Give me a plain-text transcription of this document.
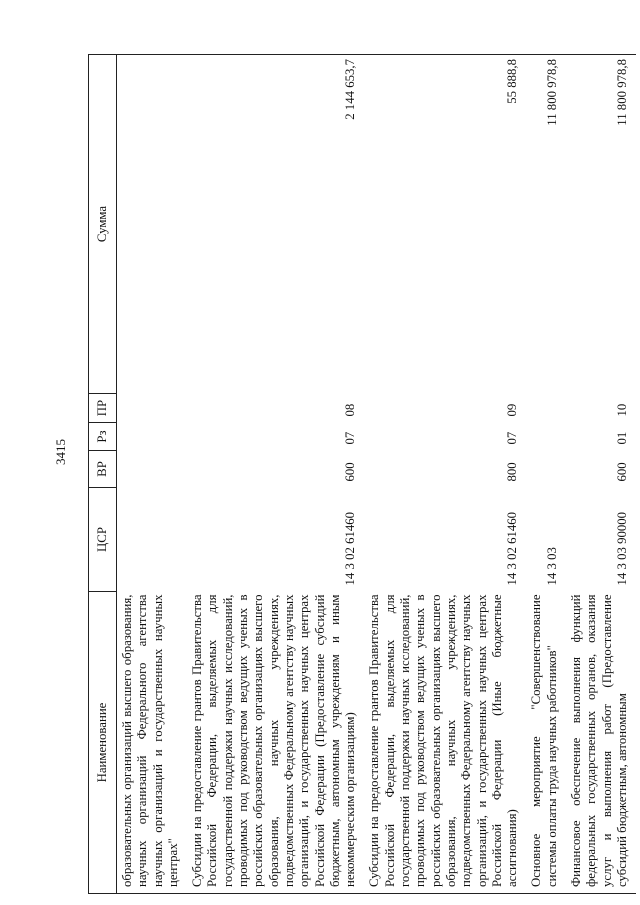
3415
Наименование	ЦСР	ВР	Рз	ПР	Сумма
образовательных организаций высшего образования, научных организаций Федерального агентства научных организаций и государственных научных центрах"					
Субсидии на предоставление грантов Правительства Российской Федерации, выделяемых для государственной поддержки научных исследований, проводимых под руководством ведущих ученых в российских образовательных организациях высшего образования, научных учреждениях, подведомственных Федеральному агентству научных организаций, и государственных научных центрах Российской Федерации (Предоставление субсидий бюджетным, автономным учреждениям и иным некоммерческим организациям)	14 3 02 61460	600	07	08	2 144 653,7
Субсидии на предоставление грантов Правительства Российской Федерации, выделяемых для государственной поддержки научных исследований, проводимых под руководством ведущих ученых в российских образовательных организациях высшего образования, научных учреждениях, подведомственных Федеральному агентству научных организаций, и государственных научных центрах Российской Федерации (Иные бюджетные ассигнования)	14 3 02 61460	800	07	09	55 888,8
Основное мероприятие "Совершенствование системы оплаты труда научных работников"	14 3 03				11 800 978,8
Финансовое обеспечение выполнения функций федеральных государственных органов, оказания услуг и выполнения работ (Предоставление субсидий бюджетным, автономным	14 3 03 90000	600	01	10	11 800 978,8
